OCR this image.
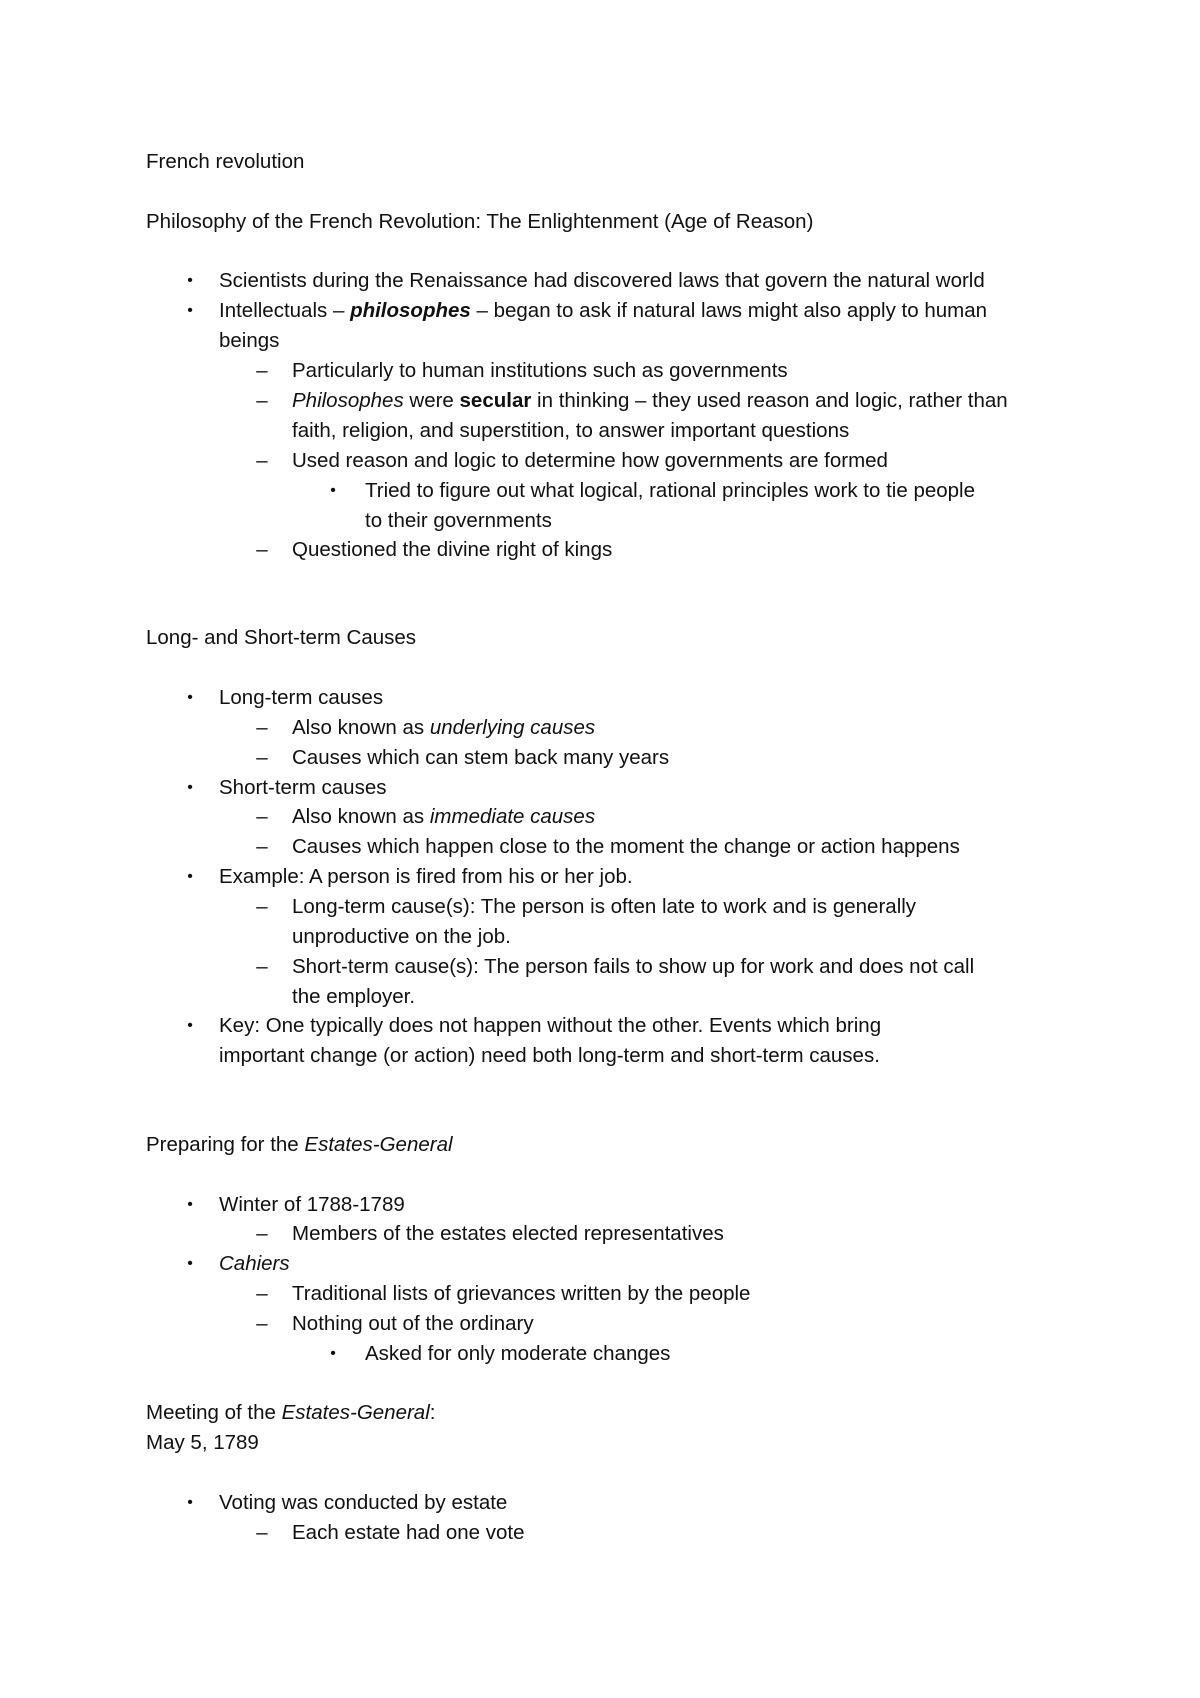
French revolution
Philosophy of the French Revolution: The Enlightenment (Age of Reason)
•	Scientists during the Renaissance had discovered laws that govern the natural world
•	Intellectuals – philosophes – began to ask if natural laws might also apply to human
beings
– Particularly to human institutions such as governments
– Philosophes were secular in thinking – they used reason and logic, rather than
faith, religion, and superstition, to answer important questions
– Used reason and logic to determine how governments are formed
•	Tried to figure out what logical, rational principles work to tie people
to their governments
– Questioned the divine right of kings
Long- and Short-term Causes
•	Long-term causes
– Also known as underlying causes
– Causes which can stem back many years
•	Short-term causes
– Also known as immediate causes
– Causes which happen close to the moment the change or action happens
•	Example: A person is fired from his or her job.
– Long-term cause(s): The person is often late to work and is generally
unproductive on the job.
– Short-term cause(s): The person fails to show up for work and does not call
the employer.
•	Key: One typically does not happen without the other. Events which bring
important change (or action) need both long-term and short-term causes.
Preparing for the Estates-General
•	Winter of 1788-1789
– Members of the estates elected representatives
•	Cahiers
– Traditional lists of grievances written by the people
– Nothing out of the ordinary
•	Asked for only moderate changes
Meeting of the Estates-General:
May 5, 1789
•	Voting was conducted by estate
– Each estate had one vote
